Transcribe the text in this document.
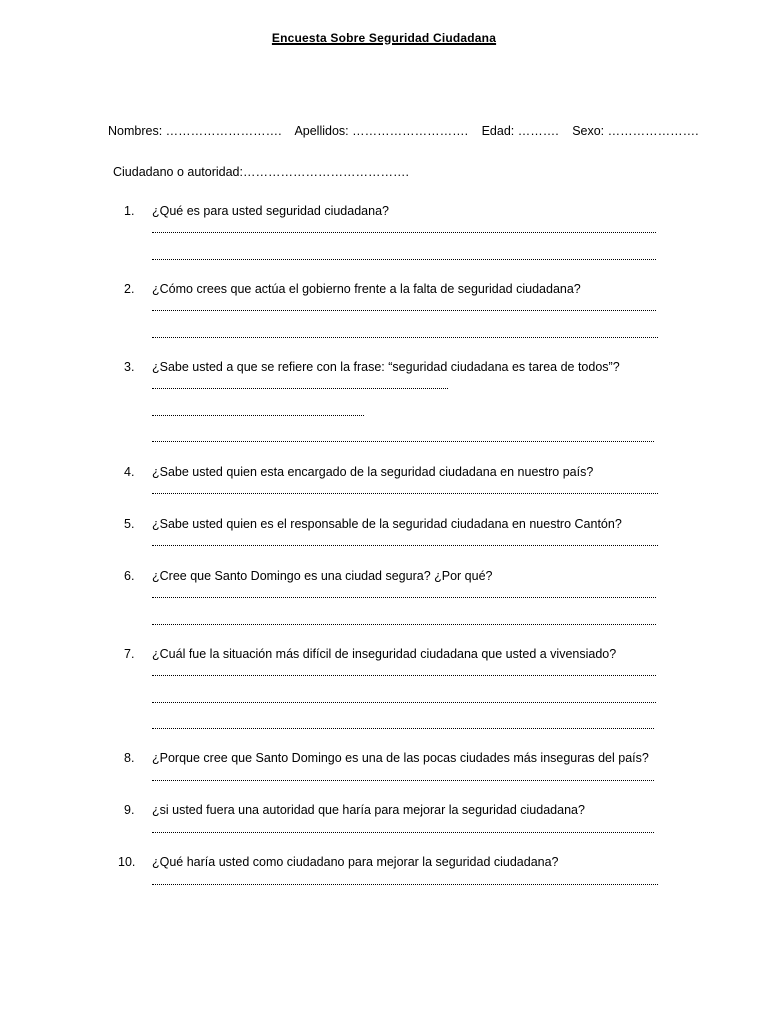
Encuesta Sobre Seguridad Ciudadana
Nombres: ………………………. Apellidos: ………………………. Edad: ………. Sexo: ………………….
Ciudadano o autoridad:………………………………….
1. ¿Qué es para usted seguridad ciudadana?
2. ¿Cómo crees que actúa el gobierno frente a la falta de seguridad ciudadana?
3. ¿Sabe usted a que se refiere con la frase: “seguridad ciudadana es tarea de todos”?
4. ¿Sabe usted quien esta encargado de la seguridad ciudadana en nuestro país?
5. ¿Sabe usted quien es el responsable de la seguridad ciudadana en nuestro Cantón?
6. ¿Cree que Santo Domingo es una ciudad segura? ¿Por qué?
7. ¿Cuál fue la situación más difícil de inseguridad ciudadana que usted a vivensiado?
8. ¿Porque cree que Santo Domingo es una de las pocas ciudades más inseguras del país?
9. ¿si usted fuera una autoridad que haría para mejorar la seguridad ciudadana?
10. ¿Qué haría usted como ciudadano para mejorar la seguridad ciudadana?
